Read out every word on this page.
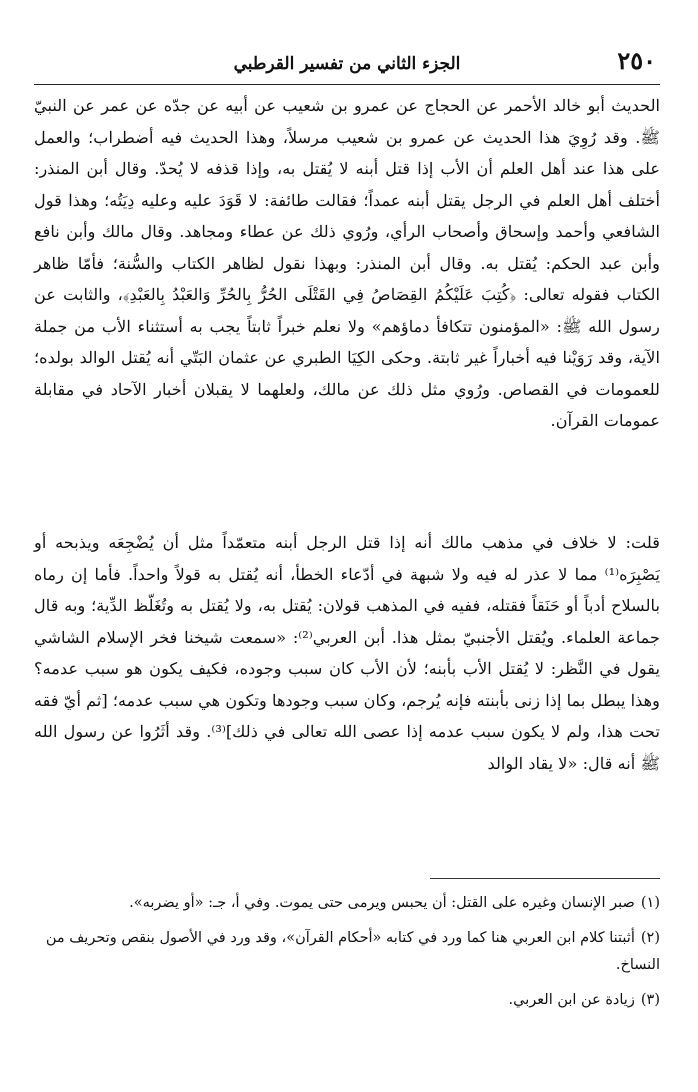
٢٥٠
الجزء الثاني من تفسير القرطبي
الحديث أبو خالد الأحمر عن الحجاج عن عمرو بن شعيب عن أبيه عن جدّه عن عمر عن النبيّ ﷺ. وقد رُوِيَ هذا الحديث عن عمرو بن شعيب مرسلاً، وهذا الحديث فيه أضطراب؛ والعمل على هذا عند أهل العلم أن الأب إذا قتل أبنه لا يُقتل به، وإذا قذفه لا يُحدّ. وقال أبن المنذر: أختلف أهل العلم في الرجل يقتل أبنه عمداً؛ فقالت طائفة: لا قَوَدَ عليه وعليه دِيَتُه؛ وهذا قول الشافعي وأحمد وإسحاق وأصحاب الرأي، ورُوي ذلك عن عطاء ومجاهد. وقال مالك وأبن نافع وأبن عبد الحكم: يُقتل به. وقال أبن المنذر: وبهذا نقول لظاهر الكتاب والسُّنة؛ فأمّا ظاهر الكتاب فقوله تعالى: ﴿كُتِبَ عَلَيْكُمُ القِصَاصُ فِي القَتْلَى الحُرُّ بِالحُرِّ وَالعَبْدُ بِالعَبْدِ﴾، والثابت عن رسول الله ﷺ: «المؤمنون تتكافأ دماؤهم» ولا نعلم خبراً ثابتاً يجب به أستثناء الأب من جملة الآية، وقد رَوَيْنا فيه أخباراً غير ثابتة. وحكى الكِيَا الطبري عن عثمان البَتّي أنه يُقتل الوالد بولده؛ للعمومات في القصاص. ورُوي مثل ذلك عن مالك، ولعلهما لا يقبلان أخبار الآحاد في مقابلة عمومات القرآن.
قلت: لا خلاف في مذهب مالك أنه إذا قتل الرجل أبنه متعمّداً مثل أن يُضْجِعَه ويذبحه أو يَصْبِرَه⁽¹⁾ مما لا عذر له فيه ولا شبهة في أدّعاء الخطأ، أنه يُقتل به قولاً واحداً. فأما إن رماه بالسلاح أدباً أو حَنَقاً فقتله، ففيه في المذهب قولان: يُقتل به، ولا يُقتل به وتُغَلّظ الدِّية؛ وبه قال جماعة العلماء. ويُقتل الأجنبيّ بمثل هذا. أبن العربي⁽²⁾: «سمعت شيخنا فخر الإسلام الشاشي يقول في النَّظر: لا يُقتل الأب بأبنه؛ لأن الأب كان سبب وجوده، فكيف يكون هو سبب عدمه؟ وهذا يبطل بما إذا زنى بأبنته فإنه يُرجم، وكان سبب وجودها وتكون هي سبب عدمه؛ [ثم أيّ فقه تحت هذا، ولم لا يكون سبب عدمه إذا عصى الله تعالى في ذلك]⁽³⁾. وقد أثَرُوا عن رسول الله ﷺ أنه قال: «لا يقاد الوالد

(١)صبر الإنسان وغيره على القتل: أن يحبس ويرمى حتى يموت. وفي أ، جـ: «أو يضربه».

(٢)أثبتنا كلام ابن العربي هنا كما ورد في كتابه «أحكام القرآن»، وقد ورد في الأصول بنقص وتحريف من النساخ.

(٣)زيادة عن ابن العربي.
